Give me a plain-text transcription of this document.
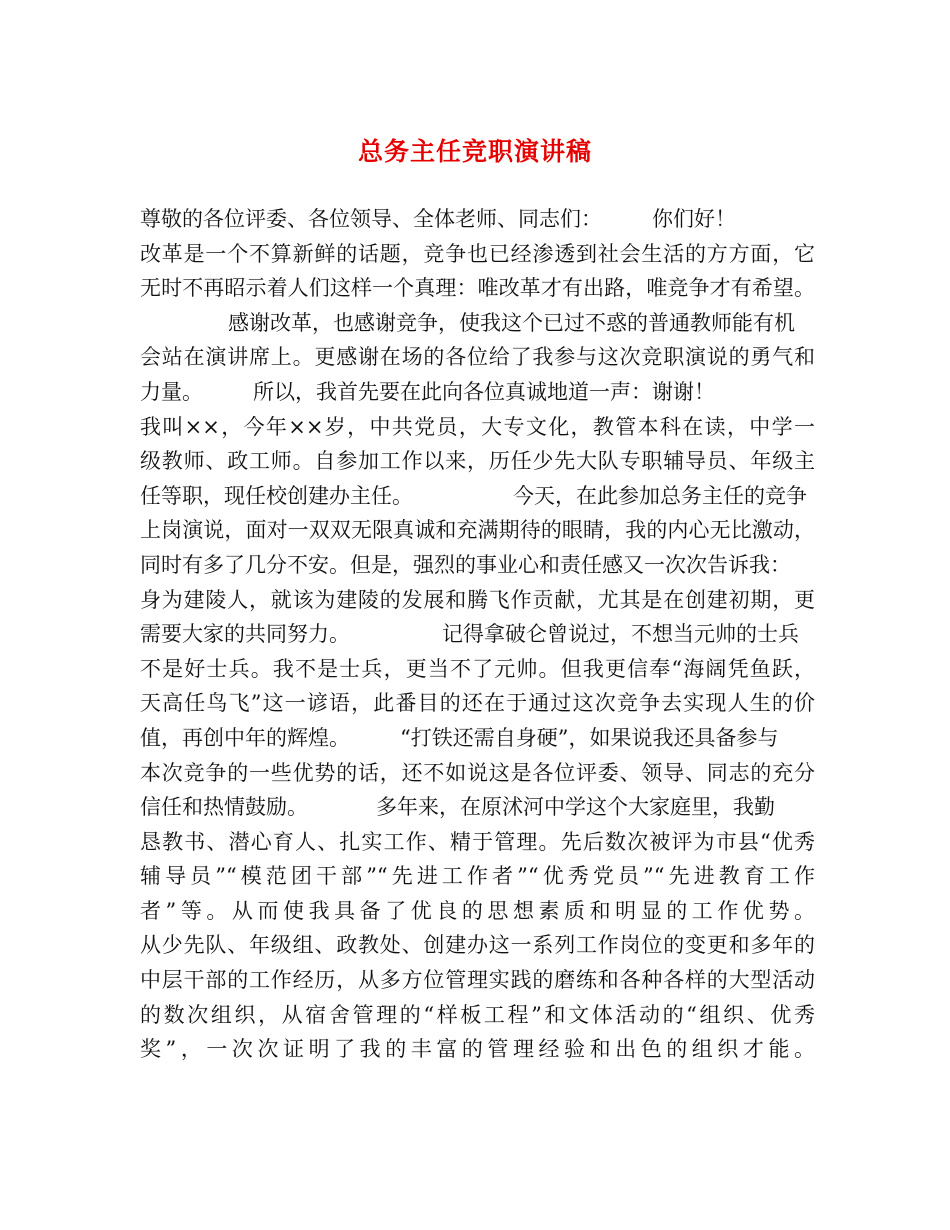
总务主任竞职演讲稿
尊敬的各位评委、各位领导、全体老师、同志们： 你们好！
改革是一个不算新鲜的话题，竞争也已经渗透到社会生活的方方面，它
无时不再昭示着人们这样一个真理：唯改革才有出路，唯竞争才有希望。
感谢改革，也感谢竞争，使我这个已过不惑的普通教师能有机
会站在演讲席上。更感谢在场的各位给了我参与这次竞职演说的勇气和
力量。 所以，我首先要在此向各位真诚地道一声：谢谢！
我叫××，今年××岁，中共党员，大专文化，教管本科在读，中学一
级教师、政工师。自参加工作以来，历任少先大队专职辅导员、年级主
任等职，现任校创建办主任。	今天，在此参加总务主任的竞争
上岗演说，面对一双双无限真诚和充满期待的眼睛，我的内心无比激动，
同时有多了几分不安。但是，强烈的事业心和责任感又一次次告诉我：
身为建陵人，就该为建陵的发展和腾飞作贡献，尤其是在创建初期，更
需要大家的共同努力。	记得拿破仑曾说过，不想当元帅的士兵
不是好士兵。我不是士兵，更当不了元帅。但我更信奉“海阔凭鱼跃，
天高任鸟飞”这一谚语，此番目的还在于通过这次竞争去实现人生的价
值，再创中年的辉煌。 “打铁还需自身硬”，如果说我还具备参与
本次竞争的一些优势的话，还不如说这是各位评委、领导、同志的充分
信任和热情鼓励。	多年来，在原沭河中学这个大家庭里，我勤
恳教书、潜心育人、扎实工作、精于管理。先后数次被评为市县“优秀
辅导员”“模范团干部”“先进工作者”“优秀党员”“先进教育工作
者”等。从而使我具备了优良的思想素质和明显的工作优势。
从少先队、年级组、政教处、创建办这一系列工作岗位的变更和多年的
中层干部的工作经历，从多方位管理实践的磨练和各种各样的大型活动
的数次组织，从宿舍管理的“样板工程”和文体活动的“组织、优秀
奖”，一次次证明了我的丰富的管理经验和出色的组织才能。
